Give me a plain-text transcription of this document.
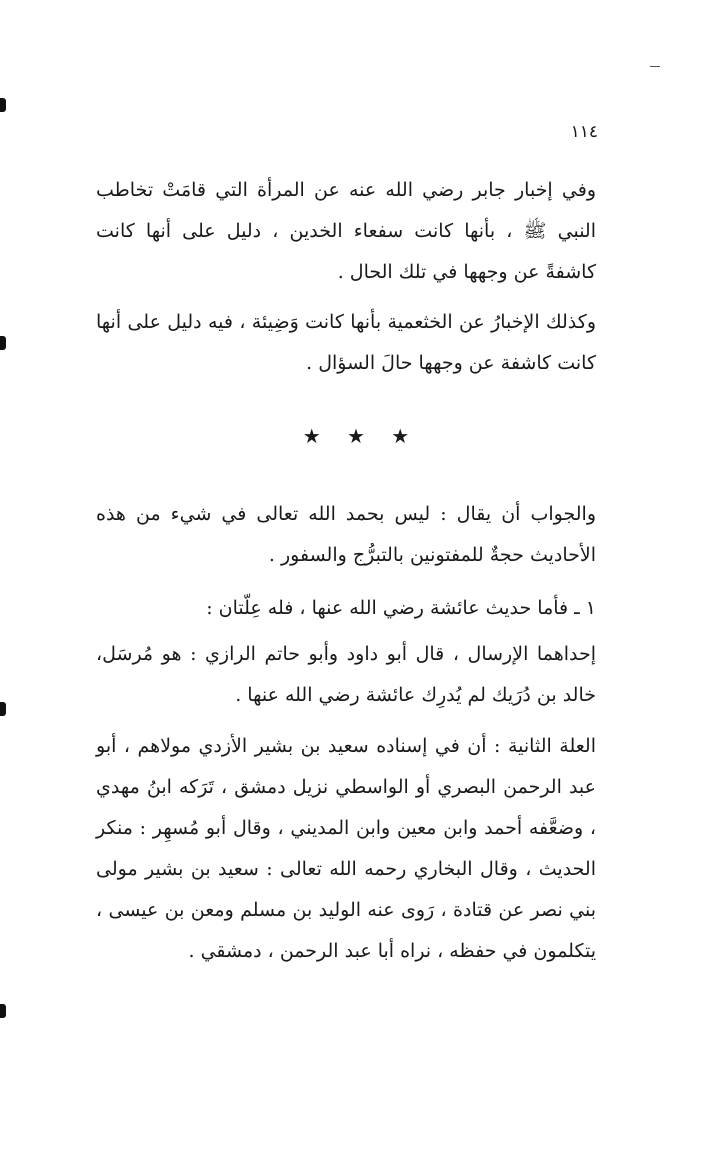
١١٤

وفي إخبار جابر رضي الله عنه عن المرأة التي قامَتْ تخاطب النبي ﷺ ، بأنها كانت سفعاء الخدين ، دليل على أنها كانت كاشفةً عن وجهها في تلك الحال .

وكذلك الإخبارُ عن الخثعمية بأنها كانت وَضِيئة ، فيه دليل على أنها كانت كاشفة عن وجهها حالَ السؤال .

★ ★ ★

والجواب أن يقال : ليس بحمد الله تعالى في شيء من هذه الأحاديث حجةٌ للمفتونين بالتبرُّج والسفور .

١ ـ فأما حديث عائشة رضي الله عنها ، فله عِلّتان :

إحداهما الإرسال ، قال أبو داود وأبو حاتم الرازي : هو مُرسَل، خالد بن دُرَيك لم يُدرِك عائشة رضي الله عنها .

العلة الثانية : أن في إسناده سعيد بن بشير الأزدي مولاهم ، أبو عبد الرحمن البصري أو الواسطي نزيل دمشق ، تَرَكه ابنُ مهدي ، وضعَّفه أحمد وابن معين وابن المديني ، وقال أبو مُسهِر : منكر الحديث ، وقال البخاري رحمه الله تعالى : سعيد بن بشير مولى بني نصر عن قتادة ، رَوى عنه الوليد بن مسلم ومعن بن عيسى ، يتكلمون في حفظه ، نراه أبا عبد الرحمن ، دمشقي .
